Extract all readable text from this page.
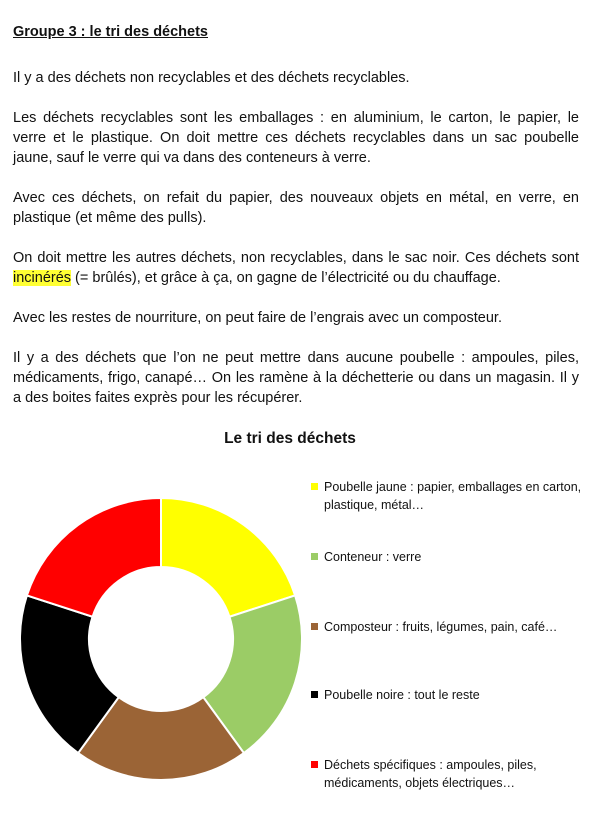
Groupe 3 : le tri des déchets

Il y a des déchets non recyclables et des déchets recyclables.

Les déchets recyclables sont les emballages : en aluminium, le carton, le papier, le verre et le plastique. On doit mettre ces déchets recyclables dans un sac poubelle jaune, sauf le verre qui va dans des conteneurs à verre.

Avec ces déchets, on refait du papier, des nouveaux objets en métal, en verre, en plastique (et même des pulls).

On doit mettre les autres déchets, non recyclables, dans le sac noir. Ces déchets sont incinérés (= brûlés), et grâce à ça, on gagne de l’électricité ou du chauffage.

Avec les restes de nourriture, on peut faire de l’engrais avec un composteur.

Il y a des déchets que l’on ne peut mettre dans aucune poubelle : ampoules, piles, médicaments, frigo, canapé… On les ramène à la déchetterie ou dans un magasin. Il y a des boites faites exprès pour les récupérer.

Le tri des déchets
Poubelle jaune : papier, emballages en carton, plastique, métal…
Conteneur : verre
Composteur : fruits, légumes, pain, café…
Poubelle noire : tout le reste
Déchets spécifiques : ampoules, piles, médicaments, objets électriques…
